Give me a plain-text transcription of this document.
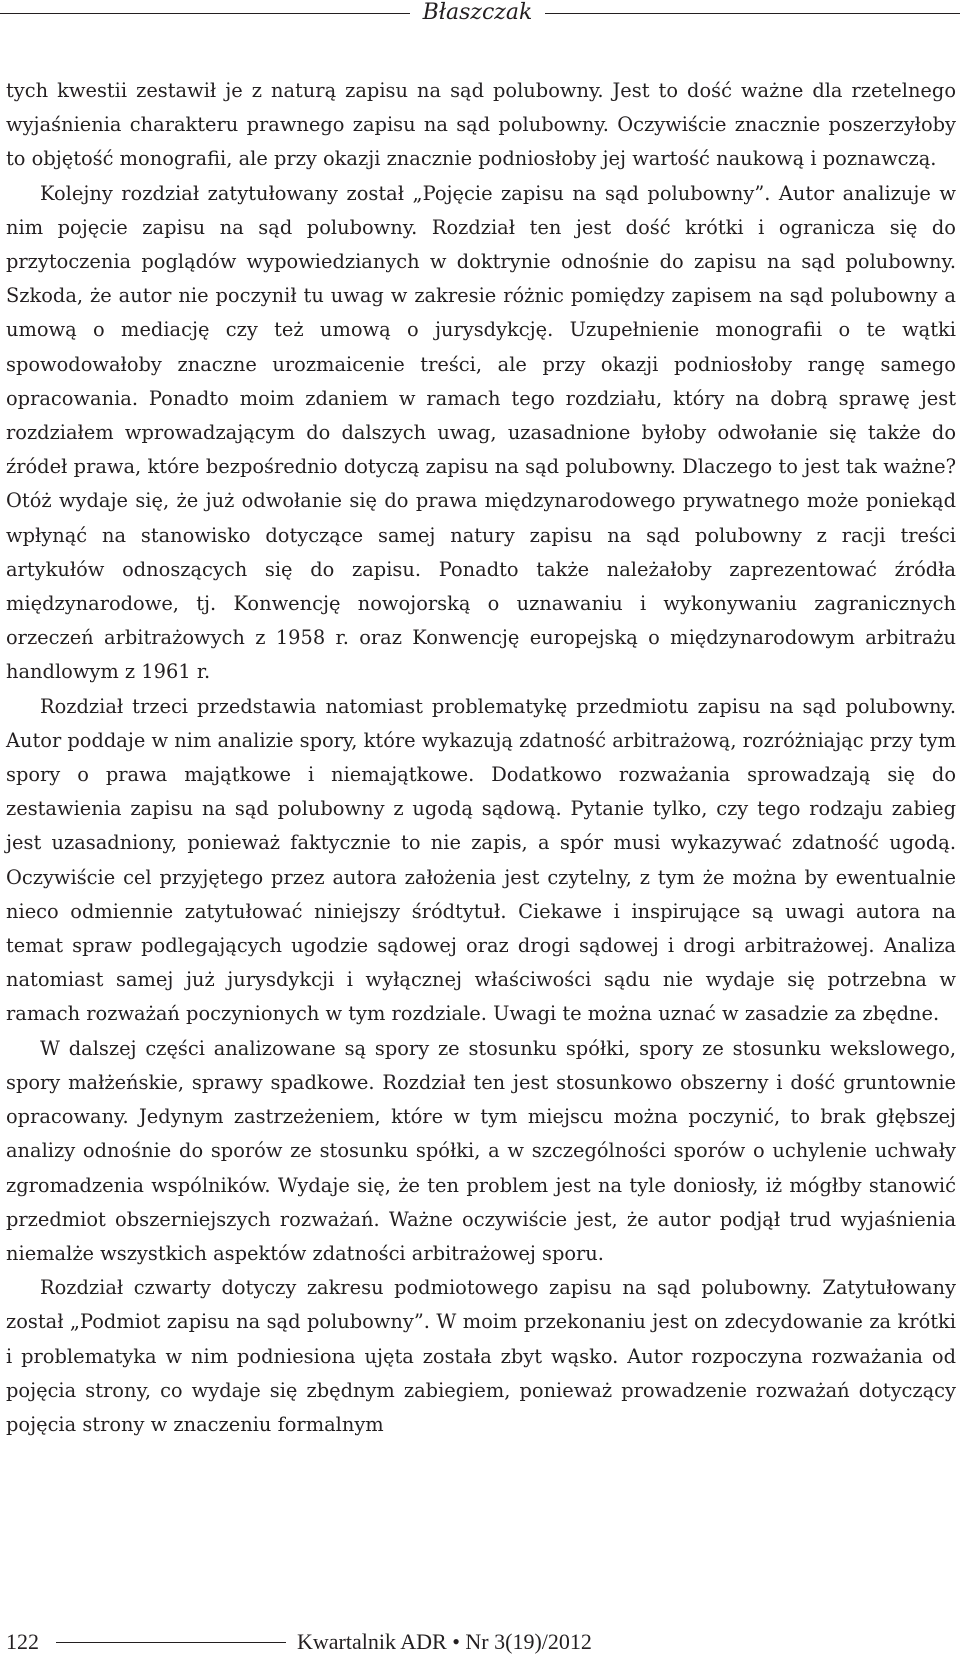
Błaszczak

tych kwestii zestawił je z naturą zapisu na sąd polubowny. Jest to dość ważne dla rzetelnego wyjaśnienia charakteru prawnego zapisu na sąd polubowny. Oczywiście znacznie poszerzyłoby to objętość monografii, ale przy okazji znacznie podniosłoby jej wartość naukową i poznawczą.

Kolejny rozdział zatytułowany został „Pojęcie zapisu na sąd polubowny”. Autor analizuje w nim pojęcie zapisu na sąd polubowny. Rozdział ten jest dość krótki i ogranicza się do przytoczenia poglądów wypowiedzianych w doktrynie odnośnie do zapisu na sąd polubowny. Szkoda, że autor nie poczynił tu uwag w zakresie różnic pomiędzy zapisem na sąd polubowny a umową o mediację czy też umową o jurysdykcję. Uzupełnienie monografii o te wątki spowodowałoby znaczne urozmaicenie treści, ale przy okazji podniosłoby rangę samego opracowania. Ponadto moim zdaniem w ramach tego rozdziału, który na dobrą sprawę jest rozdziałem wprowadzającym do dalszych uwag, uzasadnione byłoby odwołanie się także do źródeł prawa, które bezpośrednio dotyczą zapisu na sąd polubowny. Dlaczego to jest tak ważne? Otóż wydaje się, że już odwołanie się do prawa międzynarodowego prywatnego może poniekąd wpłynąć na stanowisko dotyczące samej natury zapisu na sąd polubowny z racji treści artykułów odnoszących się do zapisu. Ponadto także należałoby zaprezentować źródła międzynarodowe, tj. Konwencję nowojorską o uznawaniu i wykonywaniu zagranicznych orzeczeń arbitrażowych z 1958 r. oraz Konwencję europejską o międzynarodowym arbitrażu handlowym z 1961 r.

Rozdział trzeci przedstawia natomiast problematykę przedmiotu zapisu na sąd polubowny. Autor poddaje w nim analizie spory, które wykazują zdatność arbitrażową, rozróżniając przy tym spory o prawa majątkowe i niemajątkowe. Dodatkowo rozważania sprowadzają się do zestawienia zapisu na sąd polubowny z ugodą sądową. Pytanie tylko, czy tego rodzaju zabieg jest uzasadniony, ponieważ faktycznie to nie zapis, a spór musi wykazywać zdatność ugodą. Oczywiście cel przyjętego przez autora założenia jest czytelny, z tym że można by ewentualnie nieco odmiennie zatytułować niniejszy śródtytuł. Ciekawe i inspirujące są uwagi autora na temat spraw podlegających ugodzie sądowej oraz drogi sądowej i drogi arbitrażowej. Analiza natomiast samej już jurysdykcji i wyłącznej właściwości sądu nie wydaje się potrzebna w ramach rozważań poczynionych w tym rozdziale. Uwagi te można uznać w zasadzie za zbędne.

W dalszej części analizowane są spory ze stosunku spółki, spory ze stosunku wekslowego, spory małżeńskie, sprawy spadkowe. Rozdział ten jest stosunkowo obszerny i dość gruntownie opracowany. Jedynym zastrzeżeniem, które w tym miejscu można poczynić, to brak głębszej analizy odnośnie do sporów ze stosunku spółki, a w szczególności sporów o uchylenie uchwały zgromadzenia wspólników. Wydaje się, że ten problem jest na tyle doniosły, iż mógłby stanowić przedmiot obszerniejszych rozważań. Ważne oczywiście jest, że autor podjął trud wyjaśnienia niemalże wszystkich aspektów zdatności arbitrażowej sporu.

Rozdział czwarty dotyczy zakresu podmiotowego zapisu na sąd polubowny. Zatytułowany został „Podmiot zapisu na sąd polubowny”. W moim przekonaniu jest on zdecydowanie za krótki i problematyka w nim podniesiona ujęta została zbyt wąsko. Autor rozpoczyna rozważania od pojęcia strony, co wydaje się zbędnym zabiegiem, ponieważ prowadzenie rozważań dotyczący pojęcia strony w znaczeniu formalnym

122	Kwartalnik ADR • Nr 3(19)/2012
